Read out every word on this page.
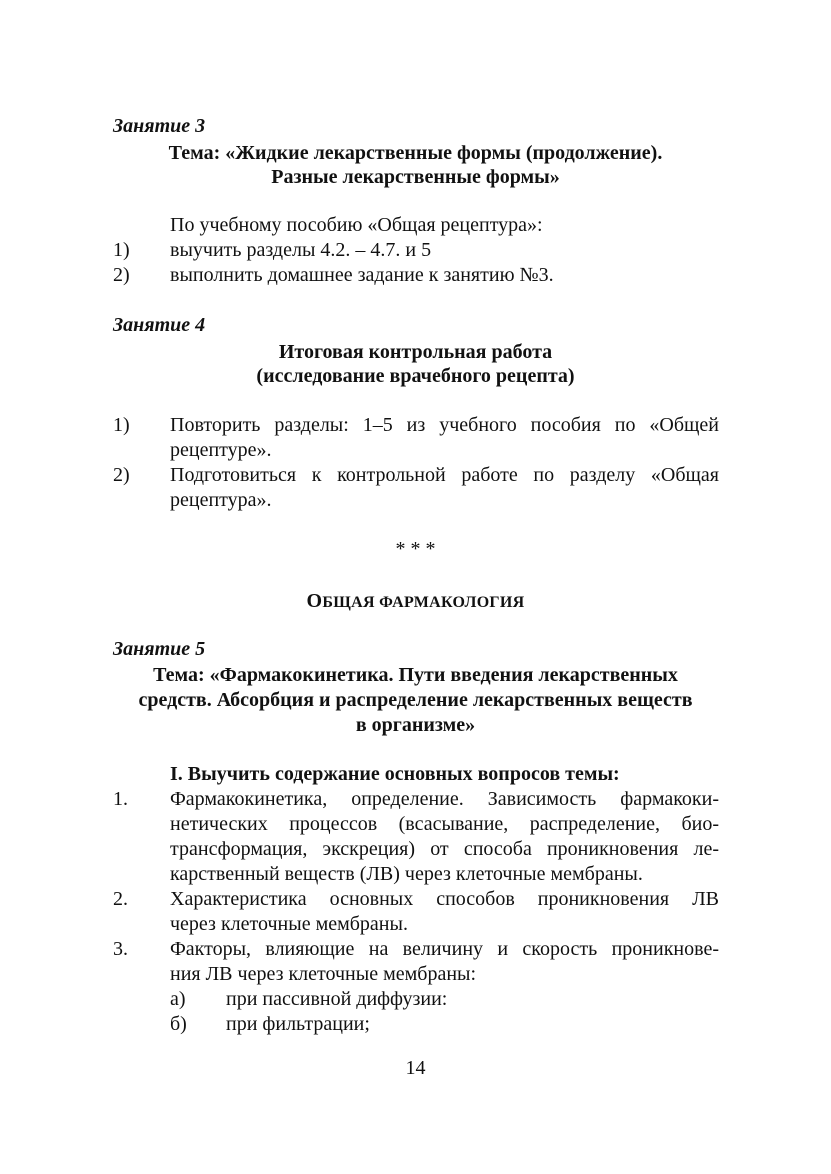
Занятие 3
Тема: «Жидкие лекарственные формы (продолжение).
Разные лекарственные формы»
По учебному пособию «Общая рецептура»:
1) выучить разделы 4.2. – 4.7. и 5
2) выполнить домашнее задание к занятию №3.
Занятие 4
Итоговая контрольная работа
(исследование врачебного рецепта)
1) Повторить разделы: 1–5 из учебного пособия по «Общей
рецептуре».
2) Подготовиться к контрольной работе по разделу «Общая
рецептура».
* * *
ОБЩАЯ ФАРМАКОЛОГИЯ
Занятие 5
Тема: «Фармакокинетика. Пути введения лекарственных
средств. Абсорбция и распределение лекарственных веществ
в организме»
I. Выучить содержание основных вопросов темы:
1. Фармакокинетика, определение. Зависимость фармакоки-
нетических процессов (всасывание, распределение, био-
трансформация, экскреция) от способа проникновения ле-
карственный веществ (ЛВ) через клеточные мембраны.
2. Характеристика основных способов проникновения ЛВ
через клеточные мембраны.
3. Факторы, влияющие на величину и скорость проникнове-
ния ЛВ через клеточные мембраны:
а) при пассивной диффузии:
б) при фильтрации;
14
